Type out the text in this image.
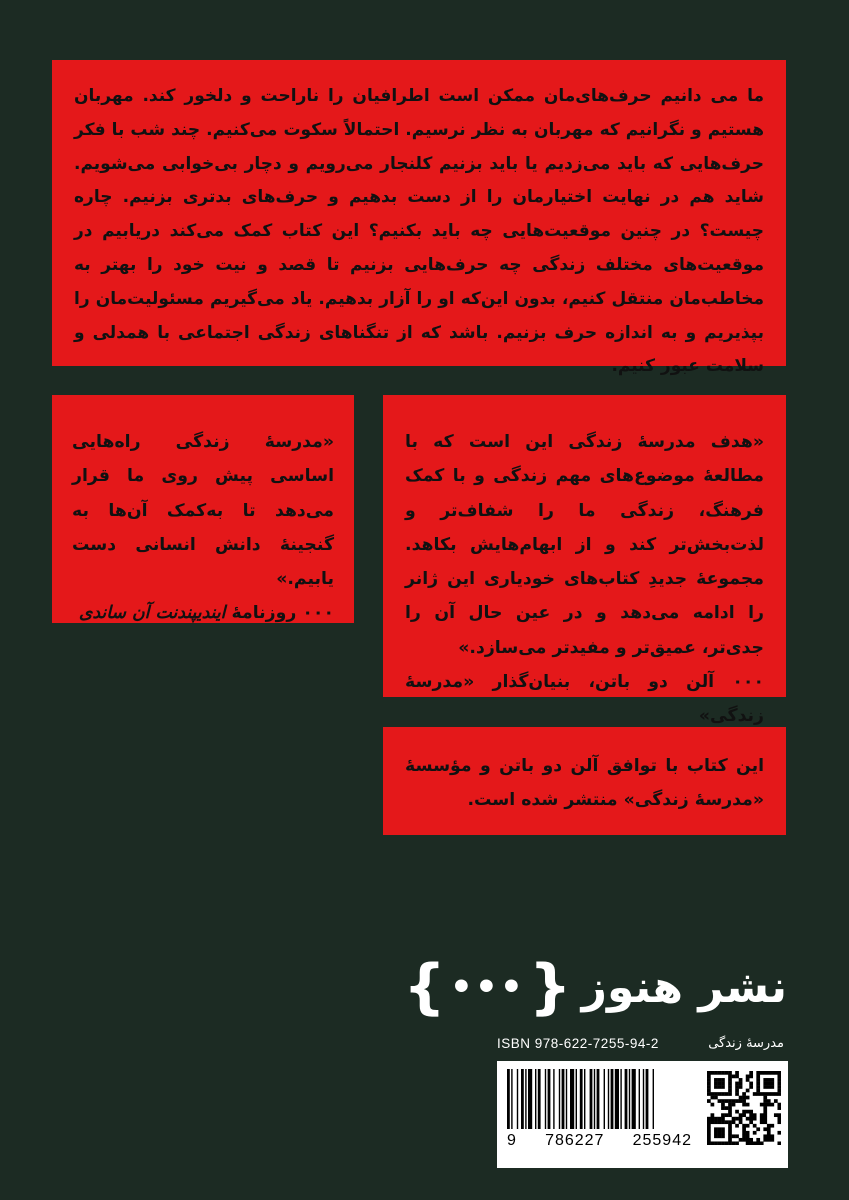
ما می دانیم حرف‌های‌مان ممکن است اطرافیان را ناراحت و دلخور کند. مهربان هستیم و نگرانیم که مهربان به نظر نرسیم. احتمالاً سکوت می‌کنیم. چند شب با فکر حرف‌هایی که باید می‌زدیم یا باید بزنیم کلنجار می‌رویم و دچار بی‌خوابی می‌شویم. شاید هم در نهایت اختیارمان را از دست بدهیم و حرف‌های بدتری بزنیم. چاره چیست؟ در چنین موقعیت‌هایی چه باید بکنیم؟ این کتاب کمک می‌کند دریابیم در موقعیت‌های مختلف زندگی چه حرف‌هایی بزنیم تا قصد و نیت خود را بهتر به مخاطب‌مان منتقل کنیم، بدون این‌که او را آزار بدهیم. یاد می‌گیریم مسئولیت‌مان را بپذیریم و به اندازه حرف بزنیم. باشد که از تنگناهای زندگی اجتماعی با همدلی و سلامت عبور کنیم.

«هدف مدرسهٔ زندگی این است که با مطالعهٔ موضوع‌های مهم زندگی و با کمک فرهنگ، زندگی ما را شفاف‌تر و لذت‌بخش‌تر کند و از ابهام‌هایش بکاهد. مجموعهٔ جدیدِ کتاب‌های خودیاری این ژانر را ادامه می‌دهد و در عین حال آن را جدی‌تر، عمیق‌تر و مفیدتر می‌سازد.»

۰۰۰ آلن دو باتن، بنیان‌گذار «مدرسهٔ زندگی»

«مدرسهٔ زندگی راه‌هایی اساسی پیش روی ما قرار می‌دهد تا به‌کمک آن‌ها به گنجینهٔ دانش انسانی دست یابیم.»

۰۰۰ روزنامهٔ ایندیپندنت آن ساندی

این کتاب با توافق آلن دو باتن و مؤسسهٔ «مدرسهٔ زندگی» منتشر شده است.

{ ••• } نشر هنوز
ISBN 978-622-7255-94-2	مدرسهٔ زندگی
9 786227 255942
